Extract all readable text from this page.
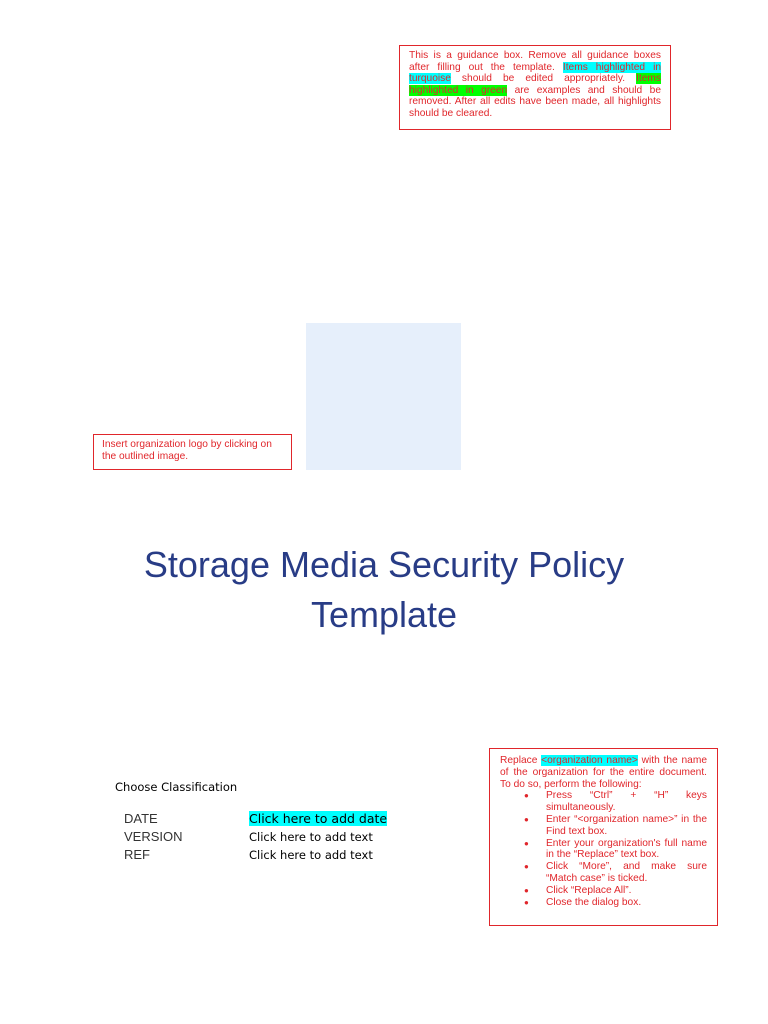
This is a guidance box. Remove all guidance boxes after filling out the template. Items highlighted in turquoise should be edited appropriately. Items highlighted in green are examples and should be removed. After all edits have been made, all highlights should be cleared.
Insert organization logo by clicking on the outlined image.
Storage Media Security Policy
Template
Choose Classification
DATE	Click here to add date
VERSION	Click here to add text
REF	Click here to add text

Replace <organization name> with the name of the organization for the entire document. To do so, perform the following:

● Press “Ctrl” + “H” keys simultaneously.
● Enter “<organization name>” in the Find text box.
● Enter your organization's full name in the “Replace” text box.
● Click “More”, and make sure “Match case” is ticked.
● Click “Replace All”.
● Close the dialog box.
